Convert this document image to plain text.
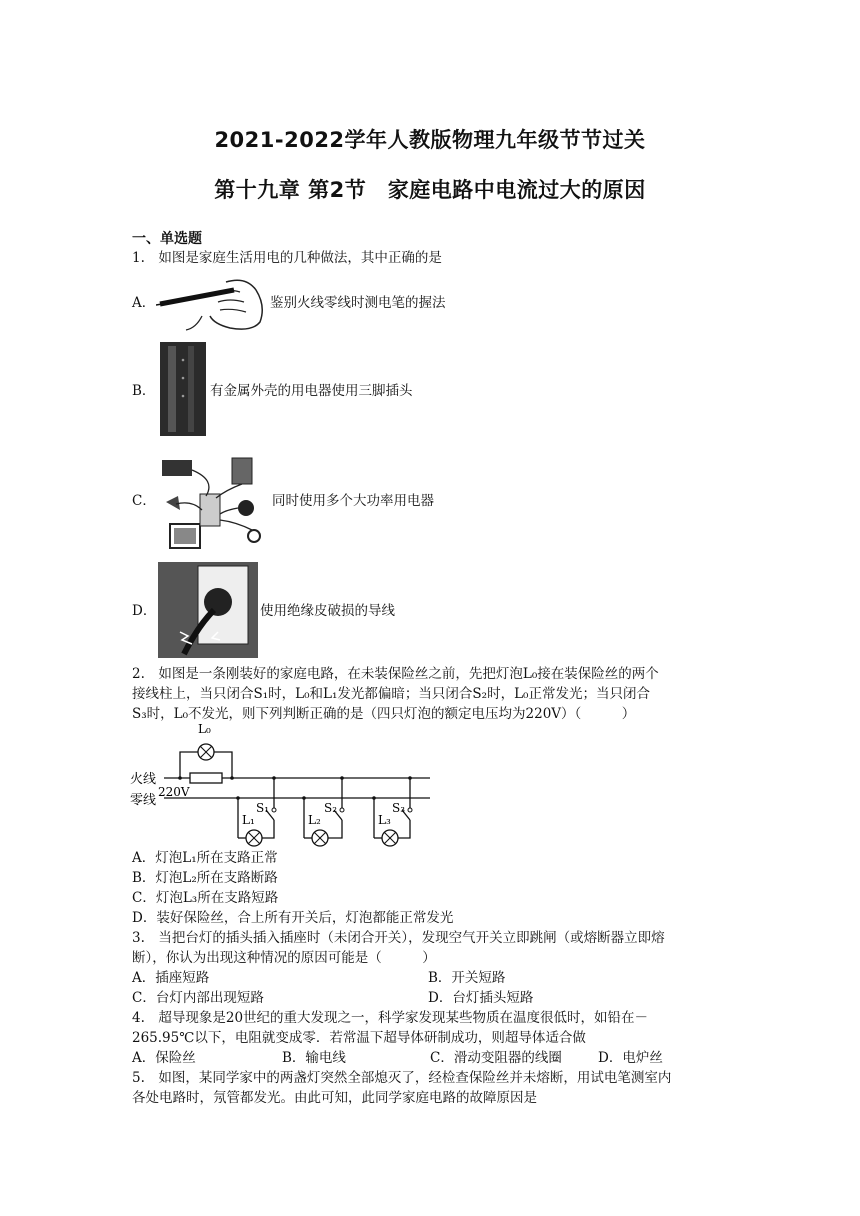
2021-2022学年人教版物理九年级节节过关
第十九章 第2节　家庭电路中电流过大的原因
一、单选题
1.　如图是家庭生活用电的几种做法，其中正确的是
A．	鉴别火线零线时测电笔的握法
B．	有金属外壳的用电器使用三脚插头
C．	同时使用多个大功率用电器
D．	使用绝缘皮破损的导线
2.　如图是一条刚装好的家庭电路，在未装保险丝之前，先把灯泡L₀接在装保险丝的两个
接线柱上，当只闭合S₁时，L₀和L₁发光都偏暗；当只闭合S₂时，L₀正常发光；当只闭合
S₃时，L₀不发光，则下列判断正确的是（四只灯泡的额定电压均为220V）（　　　）
L₀
火线
零线
220V
S₁
L₁
S₂
L₂
S₃
L₃
A．灯泡L₁所在支路正常
B．灯泡L₂所在支路断路
C．灯泡L₃所在支路短路
D．装好保险丝，合上所有开关后，灯泡都能正常发光
3.　当把台灯的插头插入插座时（未闭合开关），发现空气开关立即跳闸（或熔断器立即熔
断），你认为出现这种情况的原因可能是（　　　）
A．插座短路	B．开关短路
C．台灯内部出现短路	D．台灯插头短路
4.　超导现象是20世纪的重大发现之一，科学家发现某些物质在温度很低时，如铅在－
265.95℃以下，电阻就变成零．若常温下超导体研制成功，则超导体适合做
A．保险丝	B．输电线	C．滑动变阻器的线圈	D．电炉丝
5.　如图，某同学家中的两盏灯突然全部熄灭了，经检查保险丝并未熔断，用试电笔测室内
各处电路时，氖管都发光。由此可知，此同学家庭电路的故障原因是
